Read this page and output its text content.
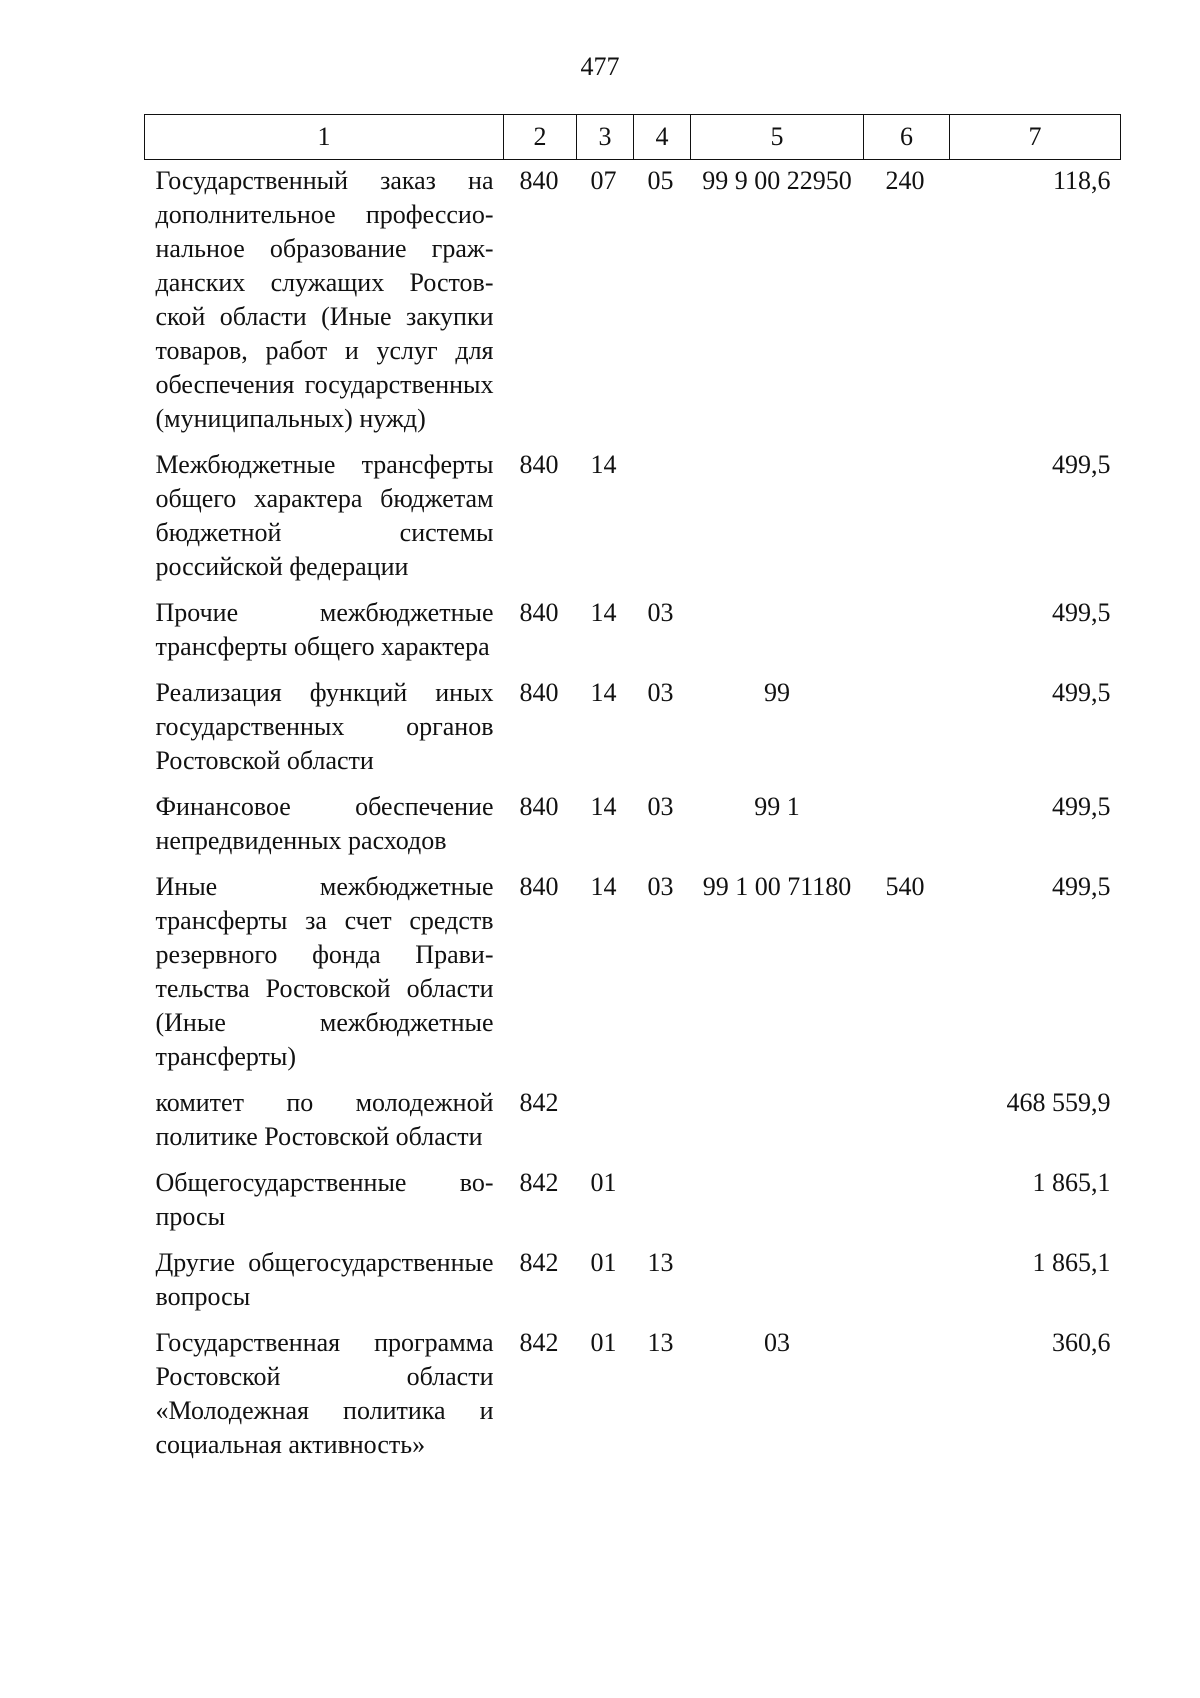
477
1	2	3	4	5	6	7
Государственный заказ на дополнительное профессиональное образование гражданских служащих Ростовской области (Иные закупки товаров, работ и услуг для обеспечения государственных (муниципальных) нужд)	840	07	05	99 9 00 22950	240	118,6
Межбюджетные трансферты общего характера бюджетам бюджетной системы российской федерации	840	14				499,5
Прочие межбюджетные трансферты общего характера	840	14	03			499,5
Реализация функций иных государственных органов Ростовской области	840	14	03	99		499,5
Финансовое обеспечение непредвиденных расходов	840	14	03	99 1		499,5
Иные межбюджетные трансферты за счет средств резервного фонда Правительства Ростовской области (Иные межбюджетные трансферты)	840	14	03	99 1 00 71180	540	499,5
комитет по молодежной политике Ростовской области	842					468 559,9
Общегосударственные вопросы	842	01				1 865,1
Другие общегосударственные вопросы	842	01	13			1 865,1
Государственная программа Ростовской области «Молодежная политика и социальная активность»	842	01	13	03		360,6
